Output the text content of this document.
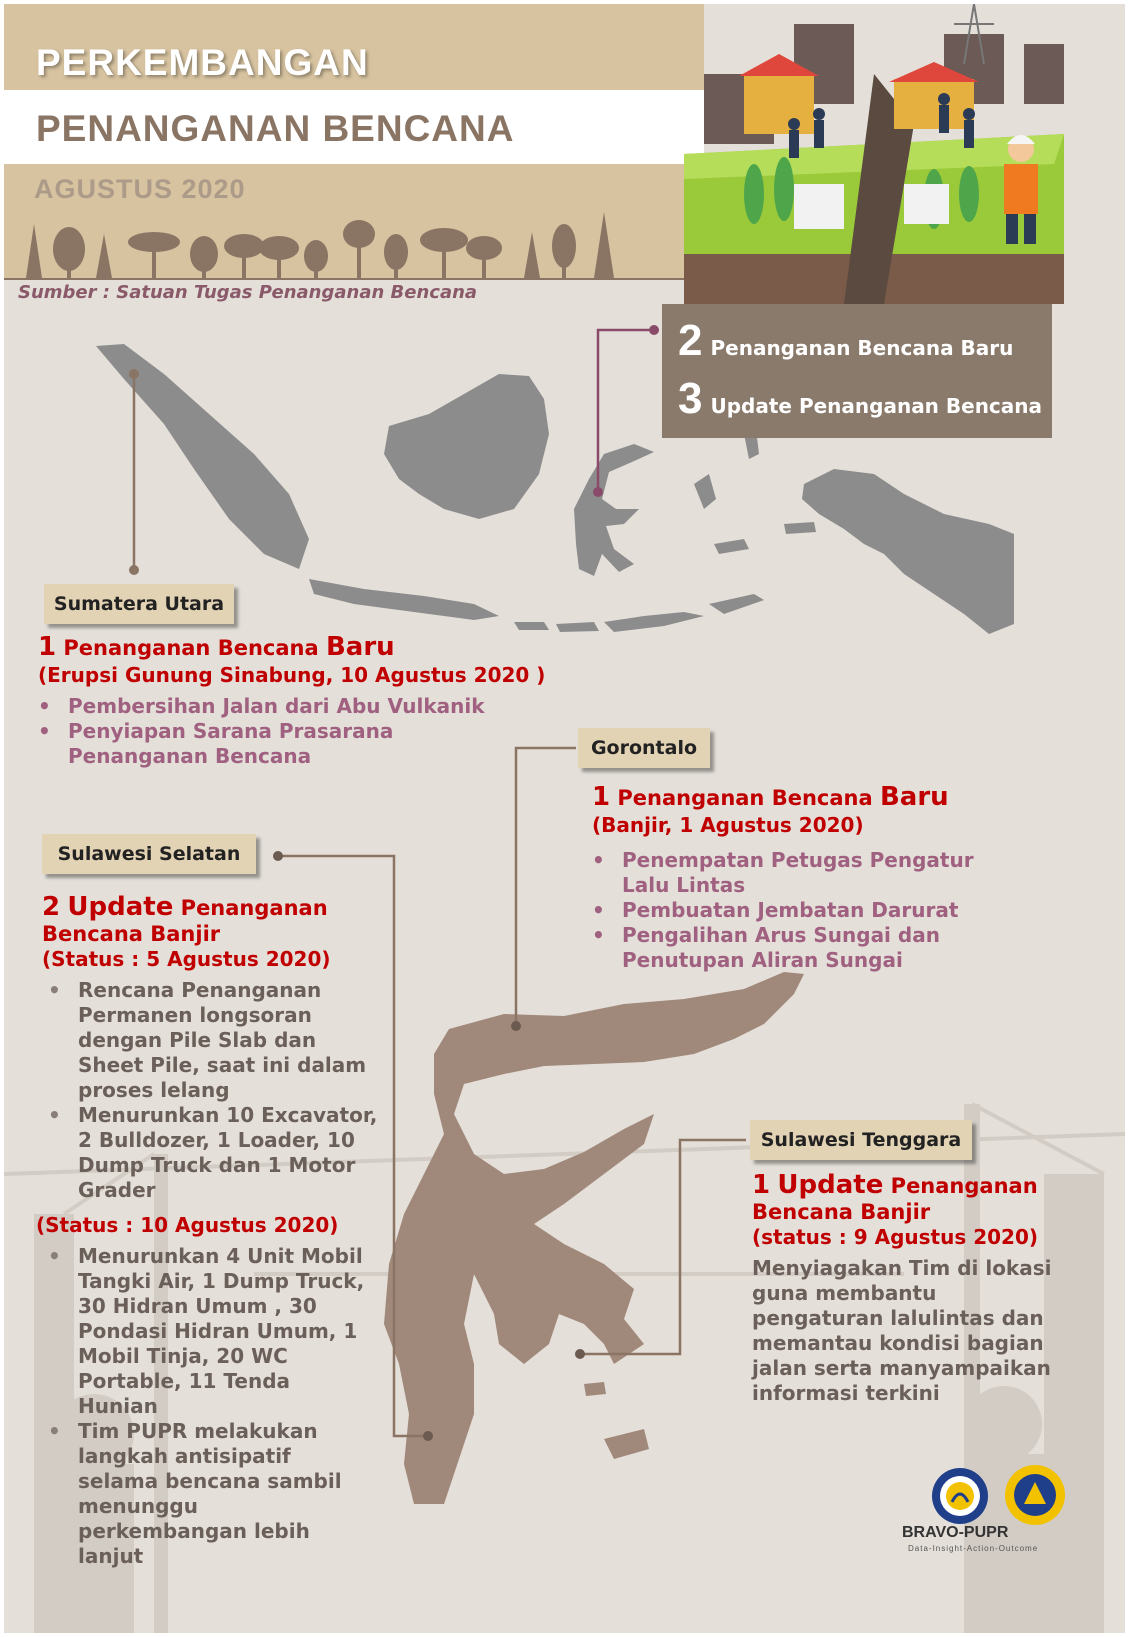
PERKEMBANGAN
PENANGANAN BENCANA
AGUSTUS 2020
Sumber : Satuan Tugas Penanganan Bencana
2 Penanganan Bencana Baru
3 Update Penanganan Bencana
Sumatera Utara
1 Penanganan Bencana Baru
(Erupsi Gunung Sinabung, 10 Agustus 2020 )
• Pembersihan Jalan dari Abu Vulkanik
• Penyiapan Sarana Prasarana Penanganan Bencana	Gorontalo
1 Penanganan Bencana Baru
(Banjir, 1 Agustus 2020)
• Penempatan Petugas Pengatur Lalu Lintas
• Pembuatan Jembatan Darurat
• Pengalihan Arus Sungai dan Penutupan Aliran Sungai
Sulawesi Selatan
2 Update Penanganan
Bencana Banjir
(Status : 5 Agustus 2020)
• Rencana Penanganan Permanen longsoran dengan Pile Slab dan Sheet Pile, saat ini dalam proses lelang
• Menurunkan 10 Excavator, 2 Bulldozer, 1 Loader, 10 Dump Truck dan 1 Motor Grader
(Status : 10 Agustus 2020)
• Menurunkan 4 Unit Mobil Tangki Air, 1 Dump Truck, 30 Hidran Umum , 30 Pondasi Hidran Umum, 1 Mobil Tinja, 20 WC Portable, 11 Tenda Hunian
• Tim PUPR melakukan langkah antisipatif selama bencana sambil menunggu perkembangan lebih lanjut
Sulawesi Tenggara
1 Update Penanganan
Bencana Banjir
(status : 9 Agustus 2020)
Menyiagakan Tim di lokasi guna membantu pengaturan lalulintas dan memantau kondisi bagian jalan serta manyampaikan informasi terkini
BRAVO-PUPR
Data-Insight-Action-Outcome
